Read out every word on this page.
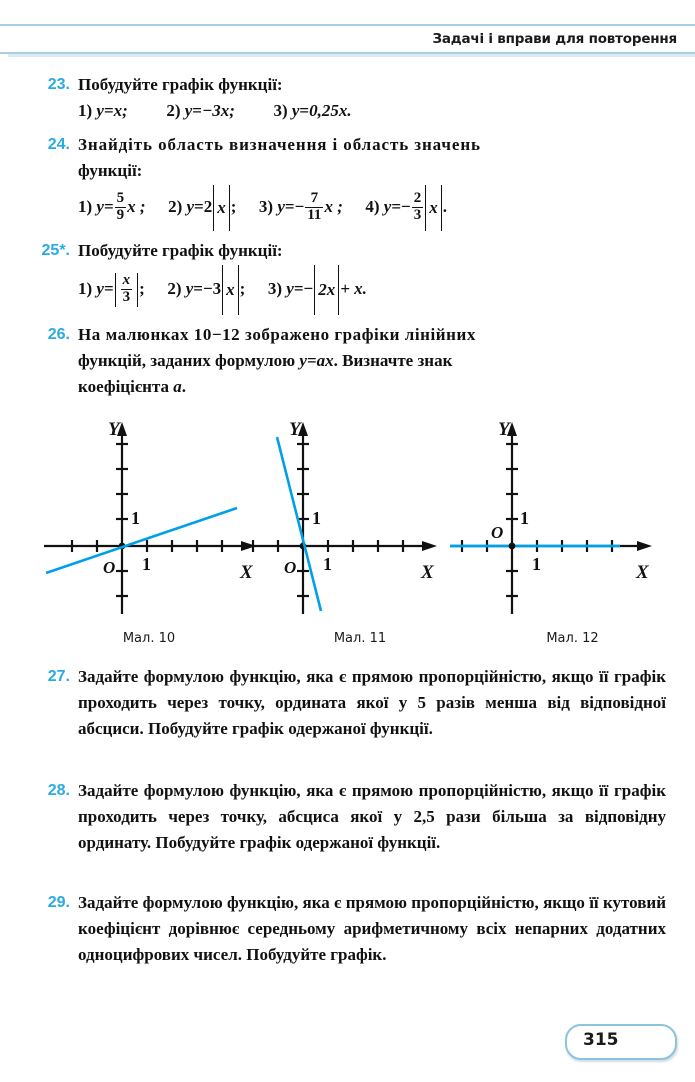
Задачі і вправи для повторення
23. Побудуйте графік функції:
1) y=x; 2) y=−3x; 3) y=0,25x.
24. Знайдіть область визначення і область значень
функції:
1) $y= \frac{5}{9}$ x ; 2) y=2 x ; 3) $y=- \frac{7}{11}$ x ; 4) $y=- \frac{2}{3}$ x .
25*. Побудуйте графік функції:
1) $y= \frac{x}{3}$ ; 2) y=−3 x ; 3) y=− 2x + x.
26. На малюнках 10−12 зображено графіки лінійних
функцій, заданих формулою y=ax. Визначте знак
коефіцієнта a.
Y
X
O
1
1
Мал. 10
Y
X
O
1
1
Мал. 11
Y
X
O
1
1
Мал. 12
27. Задайте формулою функцію, яка є прямою пропорційністю, якщо її графік проходить через точку, ордината якої у 5 разів менша від відповідної абсциси. Побудуйте графік одержаної функції.
28. Задайте формулою функцію, яка є прямою пропорційністю, якщо її графік проходить через точку, абсциса якої у 2,5 рази більша за відповідну ординату. Побудуйте графік одержаної функції.
29. Задайте формулою функцію, яка є прямою пропорційністю, якщо її кутовий коефіцієнт дорівнює середньому арифметичному всіх непарних додатних одноцифрових чисел. Побудуйте графік.
315
